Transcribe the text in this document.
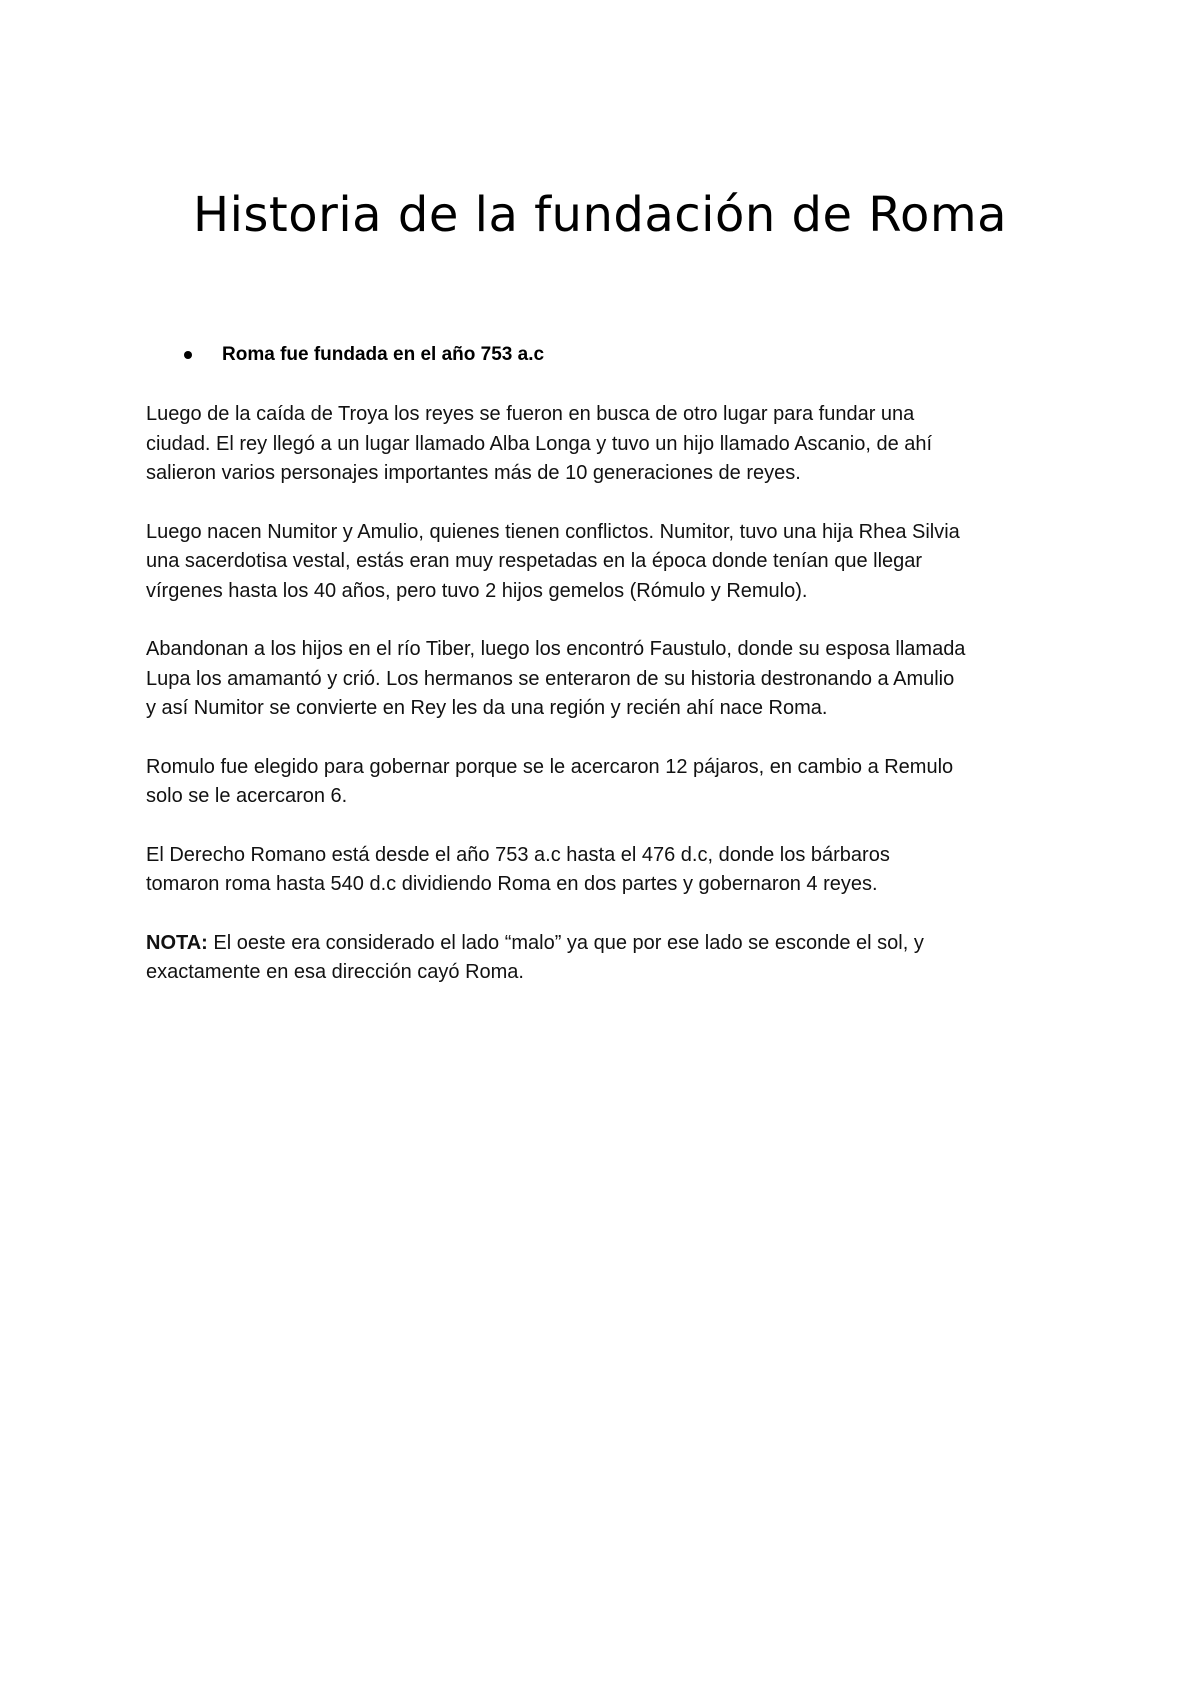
Historia de la fundación de Roma
Roma fue fundada en el año 753 a.c

Luego de la caída de Troya los reyes se fueron en busca de otro lugar para fundar una
ciudad. El rey llegó a un lugar llamado Alba Longa y tuvo un hijo llamado Ascanio, de ahí
salieron varios personajes importantes más de 10 generaciones de reyes.

Luego nacen Numitor y Amulio, quienes tienen conflictos. Numitor, tuvo una hija Rhea Silvia
una sacerdotisa vestal, estás eran muy respetadas en la época donde tenían que llegar
vírgenes hasta los 40 años, pero tuvo 2 hijos gemelos (Rómulo y Remulo).

Abandonan a los hijos en el río Tiber, luego los encontró Faustulo, donde su esposa llamada
Lupa los amamantó y crió. Los hermanos se enteraron de su historia destronando a Amulio
y así Numitor se convierte en Rey les da una región y recién ahí nace Roma.

Romulo fue elegido para gobernar porque se le acercaron 12 pájaros, en cambio a Remulo
solo se le acercaron 6.

El Derecho Romano está desde el año 753 a.c hasta el 476 d.c, donde los bárbaros
tomaron roma hasta 540 d.c dividiendo Roma en dos partes y gobernaron 4 reyes.

NOTA: El oeste era considerado el lado “malo” ya que por ese lado se esconde el sol, y
exactamente en esa dirección cayó Roma.
